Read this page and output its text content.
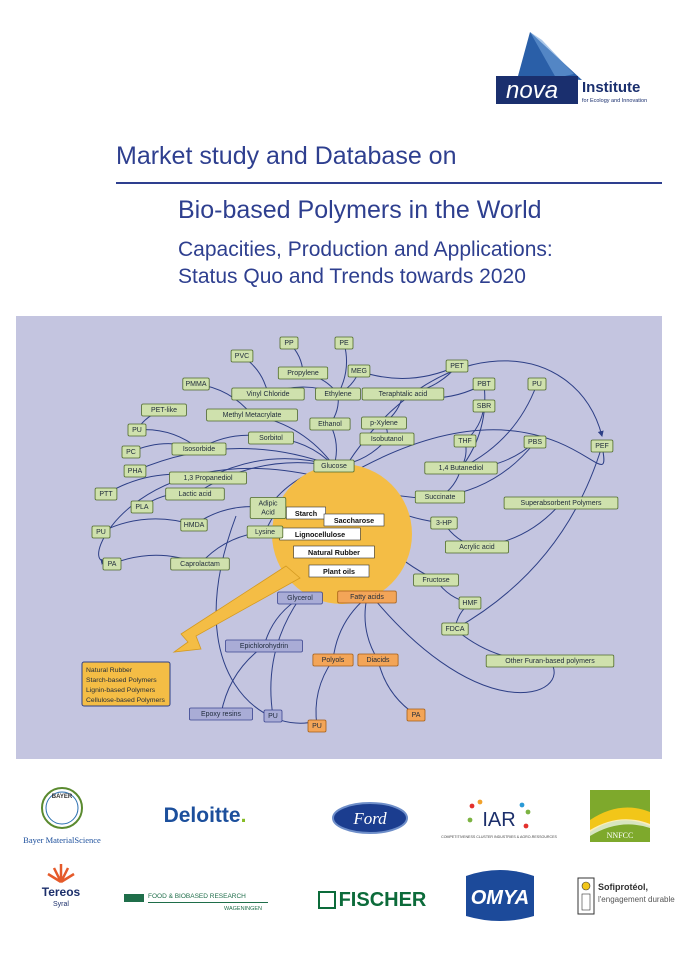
nova Institute
for Ecology and Innovation
Market study and Database on
Bio-based Polymers in the World
Capacities, Production and Applications:
Status Quo and Trends towards 2020
Starch
Saccharose
Lignocellulose
Natural Rubber
Plant oils
Natural Rubber
Starch-based Polymers
Lignin-based Polymers
Cellulose-based Polymers
PP	PE
PVC
Propylene	MEG
PET
PMMA
Vinyl Chloride	Ethylene
PBT	PU
Teraphtalic acid
PET-like
Methyl Metacrylate
SBR
Ethanol	p-Xylene
PU
PC	Isosorbide
Sorbitol	Isobutanol	THF	PBS
PEF
PHA
Glucose
1,3 Propanediol
1,4 Butanediol
PTT	Lactic acid	Succinate
Adipic
Acid
PLA
Superabsorbent Polymers
PU
HMDA	3-HP
Lysine
Acrylic acid
PA	Caprolactam
Fructose
Glycerol	Fatty acids
HMF
FDCA
Epichlorohydrin
Other Furan-based polymers
Polyols	Diacids
Epoxy resins	PU	PA
PU
BAYER
Bayer MaterialScience
Deloitte .	Ford	IAR
COMPETITIVENESS CLUSTER INDUSTRIES & AGRO-RESSOURCES	NNFCC
Tereos
Syral
FOOD & BIOBASED RESEARCH
WAGENINGEN	FISCHER OMYA	Sofiprotéol,
l'engagement durable
